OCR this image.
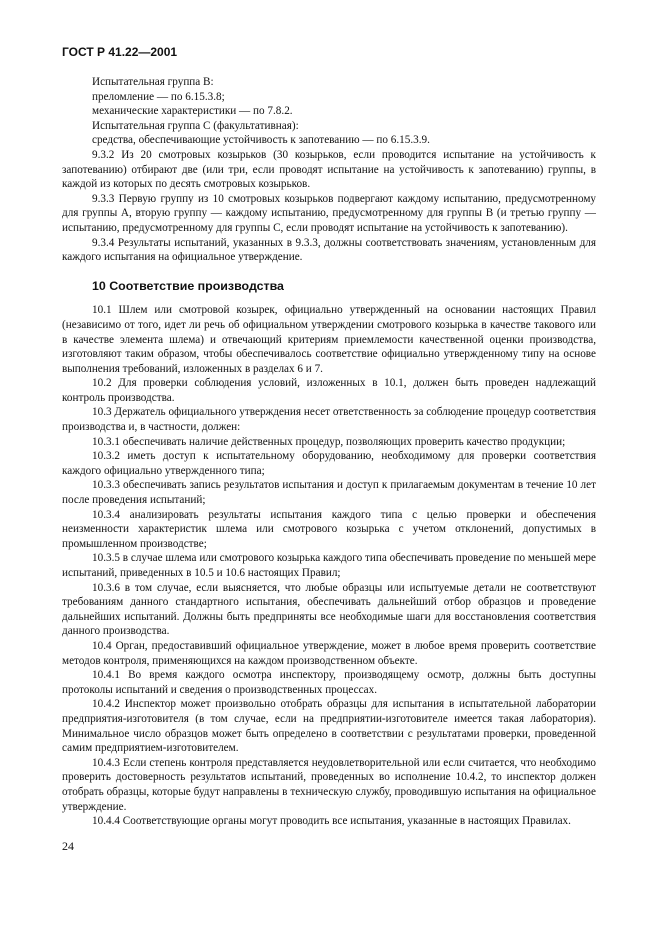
ГОСТ Р 41.22—2001

Испытательная группа В:

преломление — по 6.15.3.8;

механические характеристики — по 7.8.2.

Испытательная группа С (факультативная):

средства, обеспечивающие устойчивость к запотеванию — по 6.15.3.9.

9.3.2 Из 20 смотровых козырьков (30 козырьков, если проводится испытание на устойчивость к запотеванию) отбирают две (или три, если проводят испытание на устойчивость к запотеванию) группы, в каждой из которых по десять смотровых козырьков.

9.3.3 Первую группу из 10 смотровых козырьков подвергают каждому испытанию, предусмотренному для группы А, вторую группу — каждому испытанию, предусмотренному для группы В (и третью группу — испытанию, предусмотренному для группы С, если проводят испытание на устойчивость к запотеванию).

9.3.4 Результаты испытаний, указанных в 9.3.3, должны соответствовать значениям, установленным для каждого испытания на официальное утверждение.

10 Соответствие производства

10.1 Шлем или смотровой козырек, официально утвержденный на основании настоящих Правил (независимо от того, идет ли речь об официальном утверждении смотрового козырька в качестве такового или в качестве элемента шлема) и отвечающий критериям приемлемости качественной оценки производства, изготовляют таким образом, чтобы обеспечивалось соответствие официально утвержденному типу на основе выполнения требований, изложенных в разделах 6 и 7.

10.2 Для проверки соблюдения условий, изложенных в 10.1, должен быть проведен надлежащий контроль производства.

10.3 Держатель официального утверждения несет ответственность за соблюдение процедур соответствия производства и, в частности, должен:

10.3.1 обеспечивать наличие действенных процедур, позволяющих проверить качество продукции;

10.3.2 иметь доступ к испытательному оборудованию, необходимому для проверки соответствия каждого официально утвержденного типа;

10.3.3 обеспечивать запись результатов испытания и доступ к прилагаемым документам в течение 10 лет после проведения испытаний;

10.3.4 анализировать результаты испытания каждого типа с целью проверки и обеспечения неизменности характеристик шлема или смотрового козырька с учетом отклонений, допустимых в промышленном производстве;

10.3.5 в случае шлема или смотрового козырька каждого типа обеспечивать проведение по меньшей мере испытаний, приведенных в 10.5 и 10.6 настоящих Правил;

10.3.6 в том случае, если выясняется, что любые образцы или испытуемые детали не соответствуют требованиям данного стандартного испытания, обеспечивать дальнейший отбор образцов и проведение дальнейших испытаний. Должны быть предприняты все необходимые шаги для восстановления соответствия данного производства.

10.4 Орган, предоставивший официальное утверждение, может в любое время проверить соответствие методов контроля, применяющихся на каждом производственном объекте.

10.4.1 Во время каждого осмотра инспектору, производящему осмотр, должны быть доступны протоколы испытаний и сведения о производственных процессах.

10.4.2 Инспектор может произвольно отобрать образцы для испытания в испытательной лаборатории предприятия-изготовителя (в том случае, если на предприятии-изготовителе имеется такая лаборатория). Минимальное число образцов может быть определено в соответствии с результатами проверки, проведенной самим предприятием-изготовителем.

10.4.3 Если степень контроля представляется неудовлетворительной или если считается, что необходимо проверить достоверность результатов испытаний, проведенных во исполнение 10.4.2, то инспектор должен отобрать образцы, которые будут направлены в техническую службу, проводившую испытания на официальное утверждение.

10.4.4 Соответствующие органы могут проводить все испытания, указанные в настоящих Правилах.

24
